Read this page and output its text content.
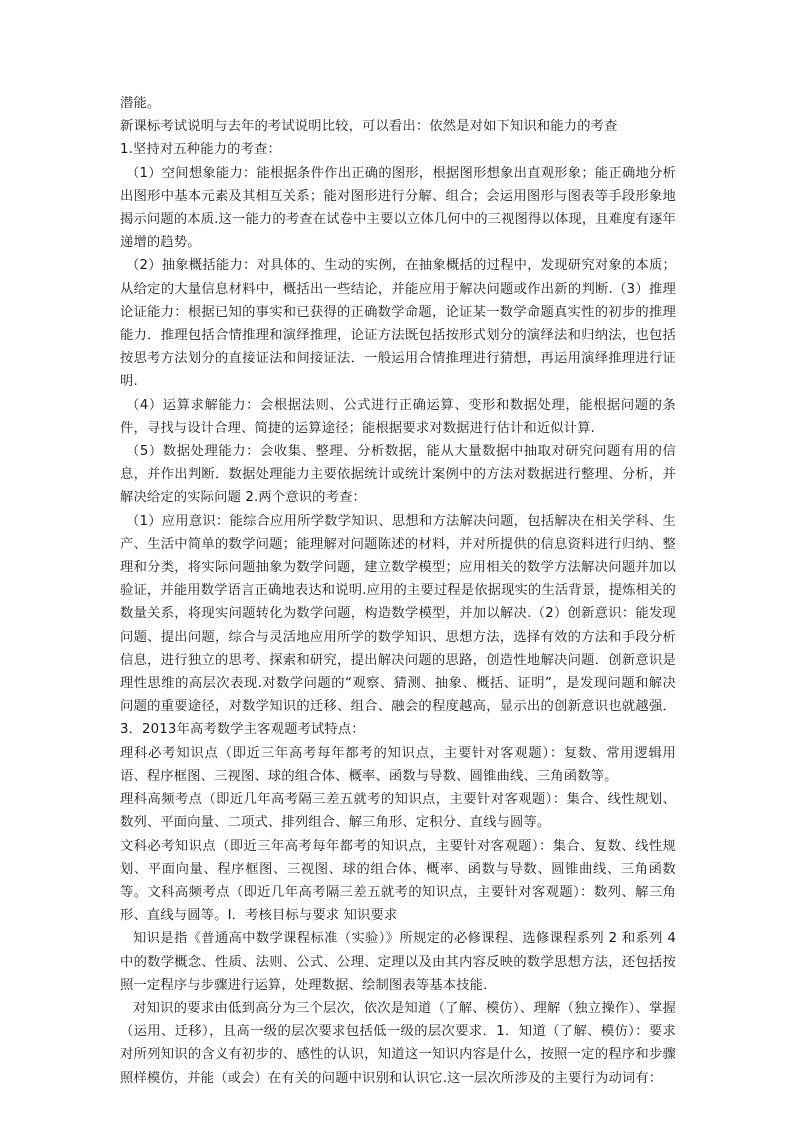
潜能。

新课标考试说明与去年的考试说明比较，可以看出：依然是对如下知识和能力的考查

1.坚持对五种能力的考查：

（1）空间想象能力：能根据条件作出正确的图形，根据图形想象出直观形象；能正确地分析出图形中基本元素及其相互关系；能对图形进行分解、组合；会运用图形与图表等手段形象地揭示问题的本质.这一能力的考查在试卷中主要以立体几何中的三视图得以体现，且难度有逐年递增的趋势。

（2）抽象概括能力：对具体的、生动的实例，在抽象概括的过程中，发现研究对象的本质；从给定的大量信息材料中，概括出一些结论，并能应用于解决问题或作出新的判断.（3）推理论证能力：根据已知的事实和已获得的正确数学命题，论证某一数学命题真实性的初步的推理能力．推理包括合情推理和演绎推理，论证方法既包括按形式划分的演绎法和归纳法，也包括按思考方法划分的直接证法和间接证法．一般运用合情推理进行猜想，再运用演绎推理进行证明.

（4）运算求解能力：会根据法则、公式进行正确运算、变形和数据处理，能根据问题的条件，寻找与设计合理、简捷的运算途径；能根据要求对数据进行估计和近似计算.

（5）数据处理能力：会收集、整理、分析数据，能从大量数据中抽取对研究问题有用的信息，并作出判断．数据处理能力主要依据统计或统计案例中的方法对数据进行整理、分析，并解决给定的实际问题 2.两个意识的考查：

（1）应用意识：能综合应用所学数学知识、思想和方法解决问题，包括解决在相关学科、生产、生活中简单的数学问题；能理解对问题陈述的材料，并对所提供的信息资料进行归纳、整理和分类，将实际问题抽象为数学问题，建立数学模型；应用相关的数学方法解决问题并加以验证，并能用数学语言正确地表达和说明.应用的主要过程是依据现实的生活背景，提炼相关的数量关系，将现实问题转化为数学问题，构造数学模型，并加以解决.（2）创新意识：能发现问题、提出问题，综合与灵活地应用所学的数学知识、思想方法，选择有效的方法和手段分析信息，进行独立的思考、探索和研究，提出解决问题的思路，创造性地解决问题．创新意识是理性思维的高层次表现.对数学问题的“观察、猜测、抽象、概括、证明”，是发现问题和解决问题的重要途径，对数学知识的迁移、组合、融会的程度越高，显示出的创新意识也就越强．3．2013年高考数学主客观题考试特点：

理科必考知识点（即近三年高考每年都考的知识点，主要针对客观题）：复数、常用逻辑用语、程序框图、三视图、球的组合体、概率、函数与导数、圆锥曲线、三角函数等。

理科高频考点（即近几年高考隔三差五就考的知识点，主要针对客观题）：集合、线性规划、数列、平面向量、二项式、排列组合、解三角形、定积分、直线与圆等。

文科必考知识点（即近三年高考每年都考的知识点，主要针对客观题）：集合、复数、线性规划、平面向量、程序框图、三视图、球的组合体、概率、函数与导数、圆锥曲线、三角函数等。文科高频考点（即近几年高考隔三差五就考的知识点，主要针对客观题）：数列、解三角形、直线与圆等。Ⅰ．考核目标与要求 知识要求

知识是指《普通高中数学课程标准（实验）》所规定的必修课程、选修课程系列 2 和系列 4 中的数学概念、性质、法则、公式、公理、定理以及由其内容反映的数学思想方法，还包括按照一定程序与步骤进行运算，处理数据、绘制图表等基本技能.

对知识的要求由低到高分为三个层次，依次是知道（了解、模仿）、理解（独立操作）、掌握（运用、迁移），且高一级的层次要求包括低一级的层次要求．1．知道（了解、模仿）：要求对所列知识的含义有初步的、感性的认识，知道这一知识内容是什么，按照一定的程序和步骤照样模仿，并能（或会）在有关的问题中识别和认识它.这一层次所涉及的主要行为动词有：
